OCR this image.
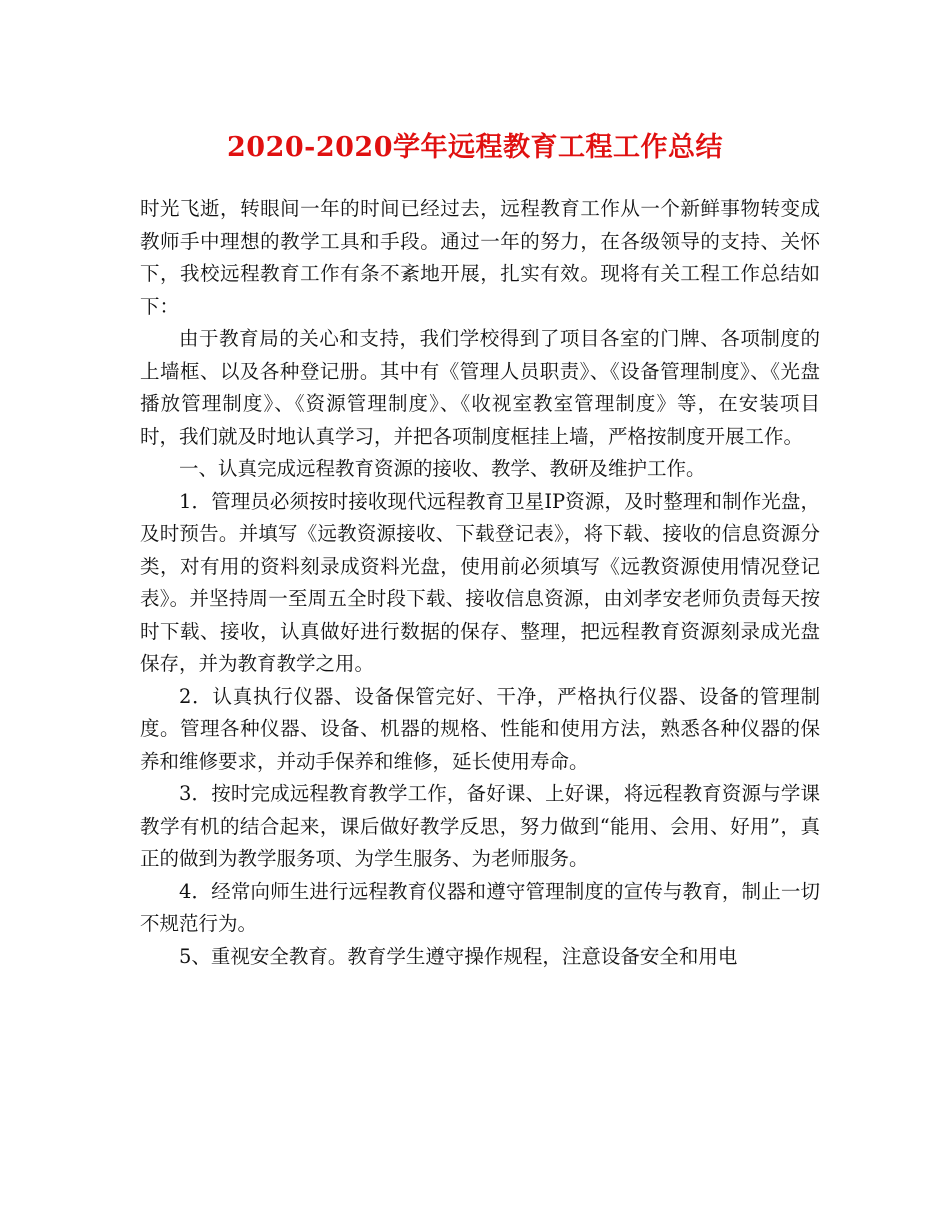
2020-2020学年远程教育工程工作总结

时光飞逝，转眼间一年的时间已经过去，远程教育工作从一个新鲜事物转变成教师手中理想的教学工具和手段。通过一年的努力，在各级领导的支持、关怀下，我校远程教育工作有条不紊地开展，扎实有效。现将有关工程工作总结如下：

由于教育局的关心和支持，我们学校得到了项目各室的门牌、各项制度的上墙框、以及各种登记册。其中有《管理人员职责》、《设备管理制度》、《光盘播放管理制度》、《资源管理制度》、《收视室教室管理制度》等，在安装项目时，我们就及时地认真学习，并把各项制度框挂上墙，严格按制度开展工作。

一、认真完成远程教育资源的接收、教学、教研及维护工作。

1．管理员必须按时接收现代远程教育卫星IP资源，及时整理和制作光盘，及时预告。并填写《远教资源接收、下载登记表》，将下载、接收的信息资源分类，对有用的资料刻录成资料光盘，使用前必须填写《远教资源使用情况登记表》。并坚持周一至周五全时段下载、接收信息资源，由刘孝安老师负责每天按时下载、接收，认真做好进行数据的保存、整理，把远程教育资源刻录成光盘保存，并为教育教学之用。

2．认真执行仪器、设备保管完好、干净，严格执行仪器、设备的管理制度。管理各种仪器、设备、机器的规格、性能和使用方法，熟悉各种仪器的保养和维修要求，并动手保养和维修，延长使用寿命。

3．按时完成远程教育教学工作，备好课、上好课，将远程教育资源与学课教学有机的结合起来，课后做好教学反思，努力做到“能用、会用、好用”，真正的做到为教学服务项、为学生服务、为老师服务。

4．经常向师生进行远程教育仪器和遵守管理制度的宣传与教育，制止一切不规范行为。

5、重视安全教育。教育学生遵守操作规程，注意设备安全和用电
